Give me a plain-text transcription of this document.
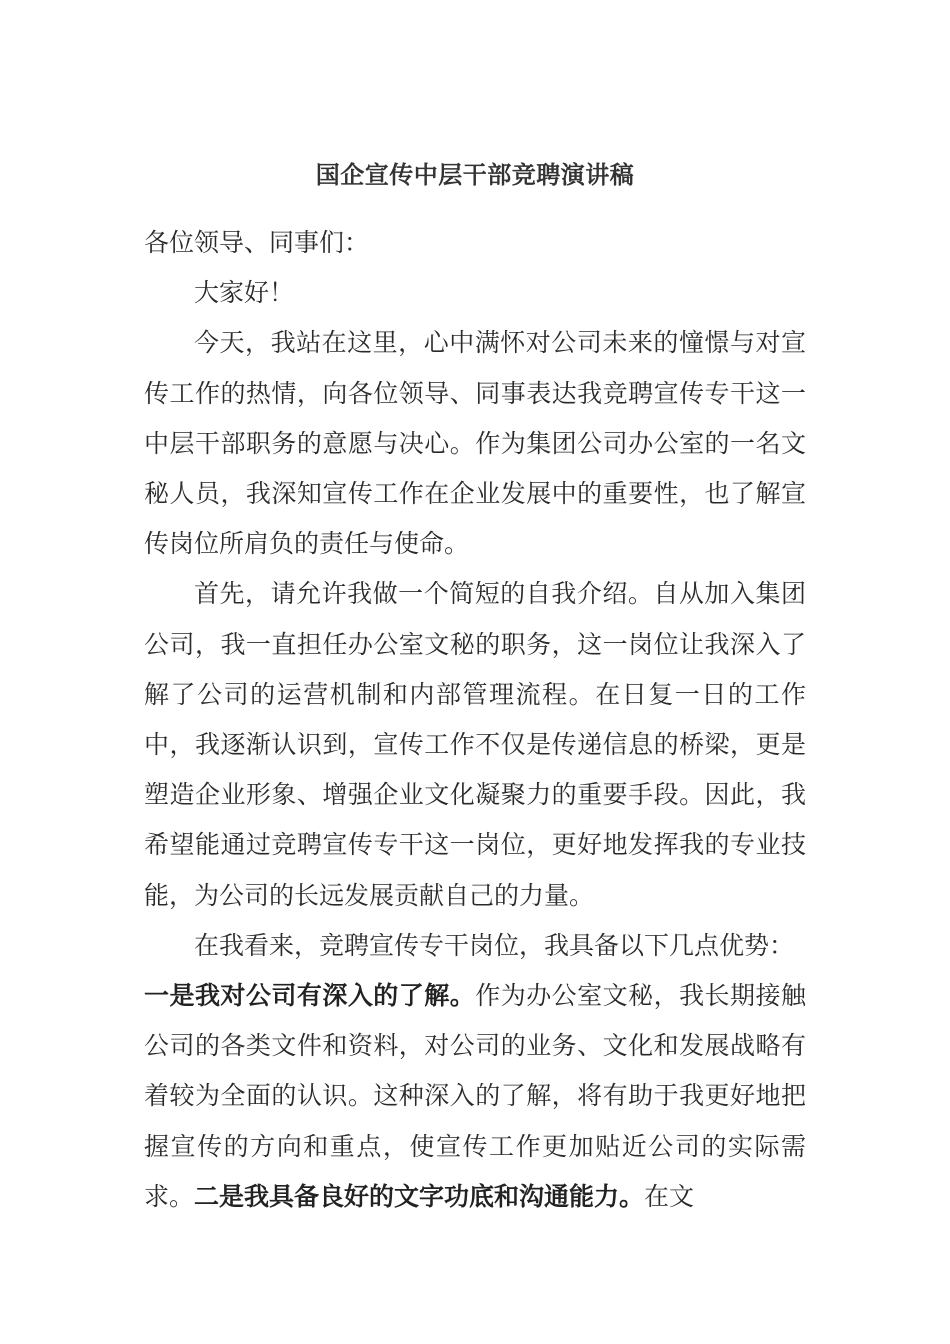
国企宣传中层干部竞聘演讲稿

各位领导、同事们：

大家好！

今天，我站在这里，心中满怀对公司未来的憧憬与对宣传工作的热情，向各位领导、同事表达我竞聘宣传专干这一中层干部职务的意愿与决心。作为集团公司办公室的一名文秘人员，我深知宣传工作在企业发展中的重要性，也了解宣传岗位所肩负的责任与使命。

首先，请允许我做一个简短的自我介绍。自从加入集团公司，我一直担任办公室文秘的职务，这一岗位让我深入了解了公司的运营机制和内部管理流程。在日复一日的工作中，我逐渐认识到，宣传工作不仅是传递信息的桥梁，更是塑造企业形象、增强企业文化凝聚力的重要手段。因此，我希望能通过竞聘宣传专干这一岗位，更好地发挥我的专业技能，为公司的长远发展贡献自己的力量。

在我看来，竞聘宣传专干岗位，我具备以下几点优势：

一是我对公司有深入的了解。作为办公室文秘，我长期接触公司的各类文件和资料，对公司的业务、文化和发展战略有着较为全面的认识。这种深入的了解，将有助于我更好地把握宣传的方向和重点，使宣传工作更加贴近公司的实际需求。二是我具备良好的文字功底和沟通能力。在文
